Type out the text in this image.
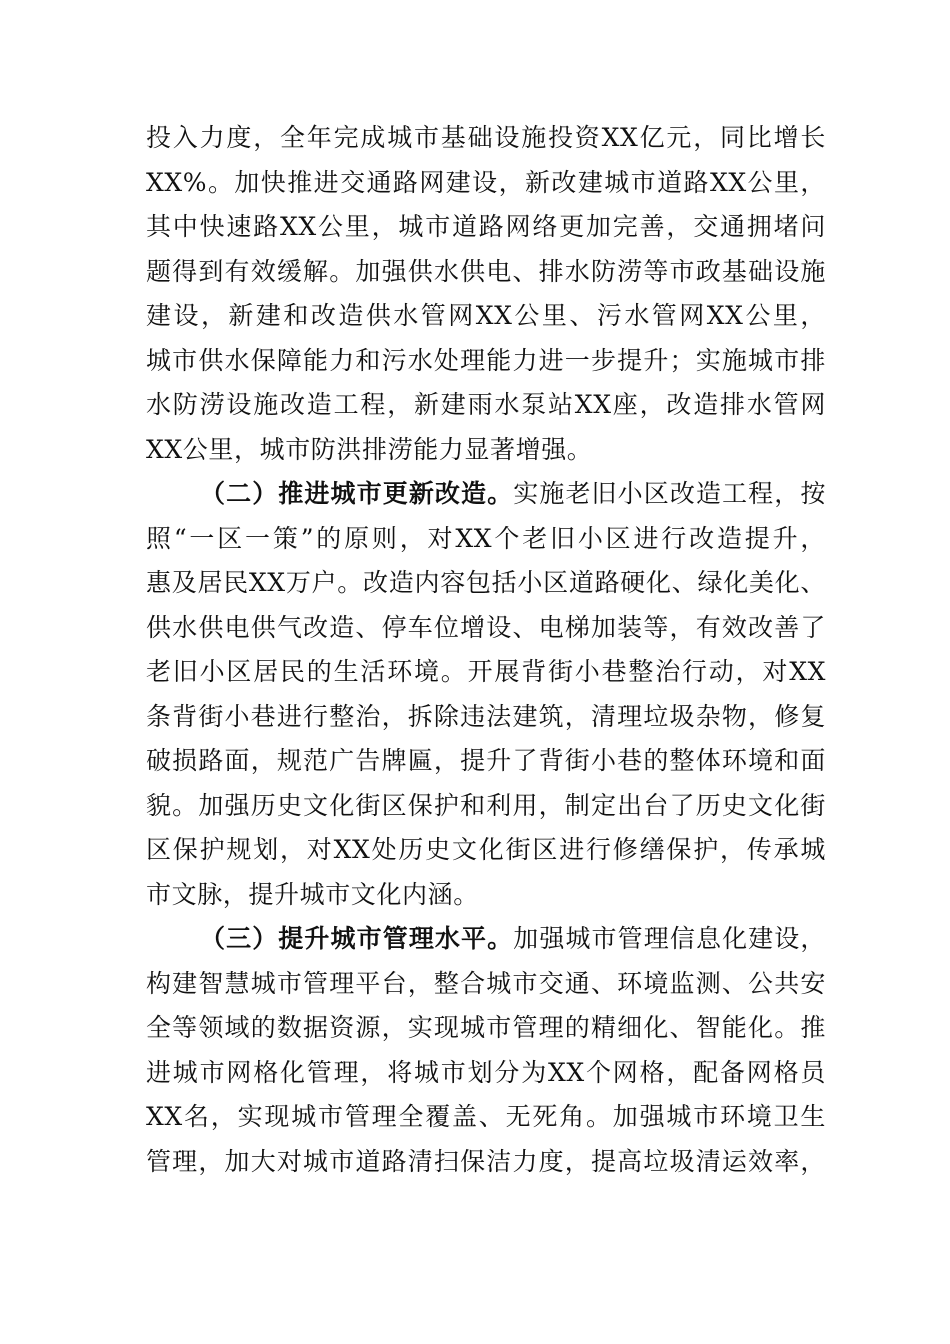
投入力度，全年完成城市基础设施投资XX亿元，同比增长
XX%。加快推进交通路网建设，新改建城市道路XX公里，
其中快速路XX公里，城市道路网络更加完善，交通拥堵问
题得到有效缓解。加强供水供电、排水防涝等市政基础设施
建设，新建和改造供水管网XX公里、污水管网XX公里，
城市供水保障能力和污水处理能力进一步提升；实施城市排
水防涝设施改造工程，新建雨水泵站XX座，改造排水管网
XX公里，城市防洪排涝能力显著增强。
（二）推进城市更新改造。实施老旧小区改造工程，按
照“一区一策”的原则，对XX个老旧小区进行改造提升，
惠及居民XX万户。改造内容包括小区道路硬化、绿化美化、
供水供电供气改造、停车位增设、电梯加装等，有效改善了
老旧小区居民的生活环境。开展背街小巷整治行动，对XX
条背街小巷进行整治，拆除违法建筑，清理垃圾杂物，修复
破损路面，规范广告牌匾，提升了背街小巷的整体环境和面
貌。加强历史文化街区保护和利用，制定出台了历史文化街
区保护规划，对XX处历史文化街区进行修缮保护，传承城
市文脉，提升城市文化内涵。
（三）提升城市管理水平。加强城市管理信息化建设，
构建智慧城市管理平台，整合城市交通、环境监测、公共安
全等领域的数据资源，实现城市管理的精细化、智能化。推
进城市网格化管理，将城市划分为XX个网格，配备网格员
XX名，实现城市管理全覆盖、无死角。加强城市环境卫生
管理，加大对城市道路清扫保洁力度，提高垃圾清运效率，
